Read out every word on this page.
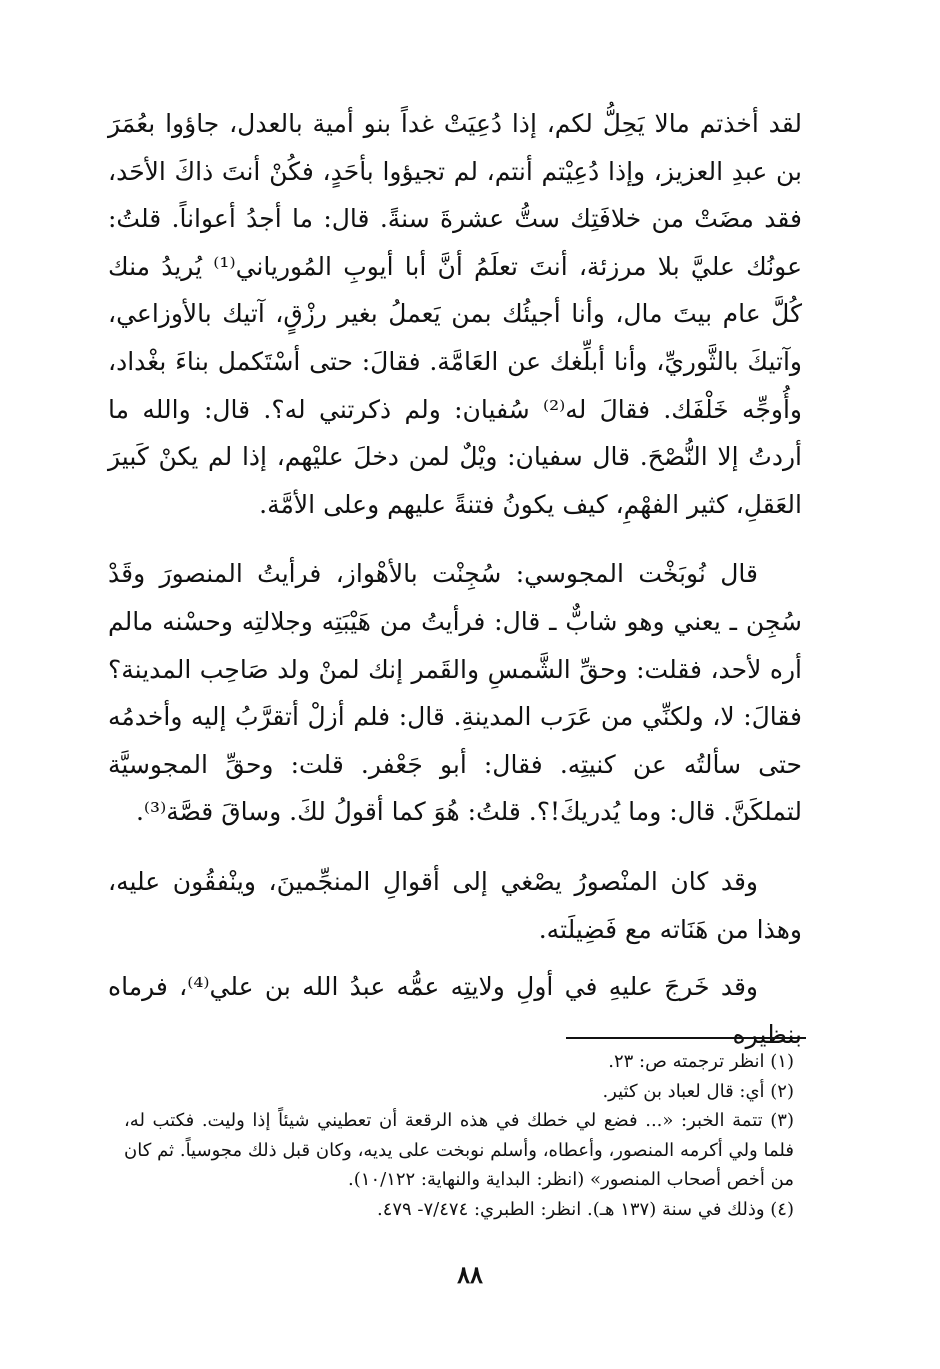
لقد أخذتم مالا يَحِلُّ لكم، إذا دُعِيَتْ غداً بنو أمية بالعدل، جاؤوا بعُمَرَ بن عبدِ العزيز، وإذا دُعِيْتم أنتم، لم تجيؤوا بأحَدٍ، فكُنْ أنتَ ذاكَ الأحَد، فقد مضَتْ من خلافَتِك ستُّ عشرةَ سنةً. قال: ما أجدُ أعواناً. قلتُ: عونُك عليَّ بلا مرزئة، أنتَ تعلَمُ أنَّ أبا أيوبِ المُورياني⁽¹⁾ يُريدُ منك كُلَّ عام بيتَ مال، وأنا أجيئُك بمن يَعملُ بغير رزْقٍ، آتيك بالأوزاعي، وآتيكَ بالثَّوريِّ، وأنا أبلِّغك عن العَامَّة. فقالَ: حتى أسْتَكمل بناءَ بغْداد، وأُوجِّه خَلْفَك. فقالَ له⁽²⁾ سُفيان: ولم ذكرتني له؟. قال: والله ما أردتُ إلا النُّصْحَ. قال سفيان: ويْلٌ لمن دخلَ عليْهم، إذا لم يكنْ كَبيرَ العَقلِ، كثير الفهْمِ، كيف يكونُ فتنةً عليهم وعلى الأمَّة.

قال نُوبَخْت المجوسي: سُجِنْت بالأهْواز، فرأيتُ المنصورَ وقَدْ سُجِن ـ يعني وهو شابٌّ ـ قال: فرأيتُ من هَيْبَتِه وجلالتِه وحسْنه مالم أره لأحد، فقلت: وحقِّ الشَّمسِ والقَمر إنك لمنْ ولد صَاحِب المدينة؟ فقالَ: لا، ولكنِّي من عَرَب المدينةِ. قال: فلم أزلْ أتقرَّبُ إليه وأخدمُه حتى سألتُه عن كنيتِه. فقال: أبو جَعْفر. قلت: وحقِّ المجوسيَّة لتملكَنَّ. قال: وما يُدريكَ!؟. قلتُ: هُوَ كما أقولُ لكَ. وساقَ قصَّة⁽³⁾.

وقد كان المنْصورُ يصْغي إلى أقوالِ المنجِّمينَ، وينْفقُون عليه، وهذا من هَنَاته مع فَضِيلَته.

وقد خَرجَ عليهِ في أولِ ولايتِه عمُّه عبدُ الله بن علي⁽⁴⁾، فرماه بنظيره

(١) انظر ترجمته ص: ٢٣.

(٢) أي: قال لعباد بن كثير.

(٣) تتمة الخبر: «... فضع لي خطك في هذه الرقعة أن تعطيني شيئاً إذا وليت. فكتب له، فلما ولي أكرمه المنصور، وأعطاه، وأسلم نوبخت على يديه، وكان قبل ذلك مجوسياً. ثم كان من أخص أصحاب المنصور» (انظر: البداية والنهاية: ١٠/١٢٢).

(٤) وذلك في سنة (١٣٧ هـ). انظر: الطبري: ٧/٤٧٤- ٤٧٩.

٨٨
